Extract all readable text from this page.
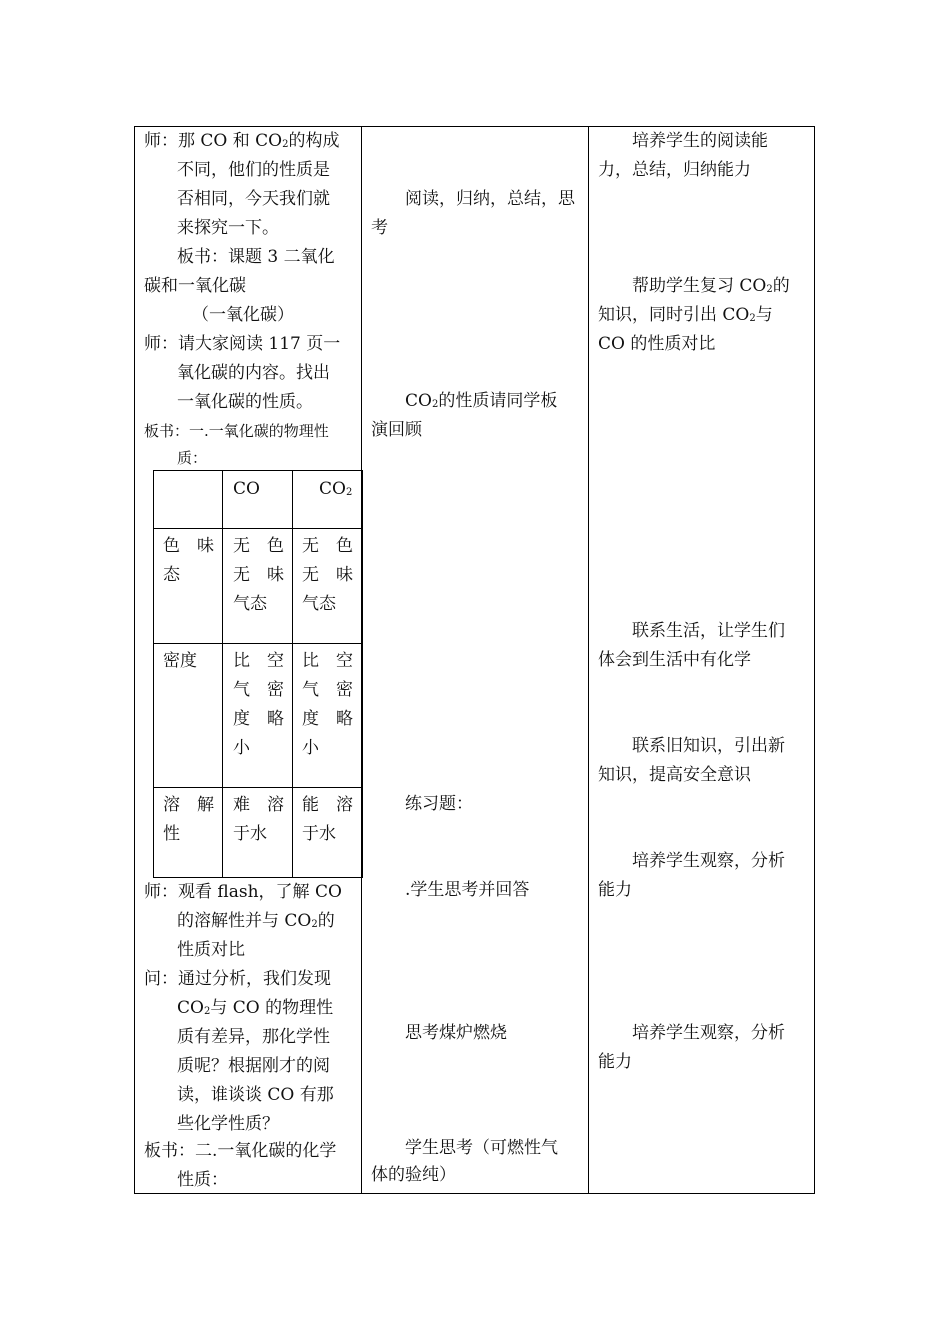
师：那 CO 和 $CO_2$的构成

不同，他们的性质是

否相同，今天我们就

来探究一下。

板书：课题 3 二氧化

碳和一氧化碳

（一氧化碳）

师：请大家阅读 117 页一

氧化碳的内容。找出

一氧化碳的性质。

板书：一.一氧化碳的物理性

质：

CO	$CO_2$
色　味
态
无　色
无　味
气态
无　色
无　味
气态
密度 比　空
气　密
度　略
小
比　空
气　密
度　略
小
溶　解
性
难　溶
于水
能　溶
于水

师：观看 flash，了解 CO

的溶解性并与 $CO_2$的

性质对比

问：通过分析，我们发现

$CO_2$与 CO 的物理性

质有差异，那化学性

质呢？根据刚才的阅

读，谁谈谈 CO 有那

些化学性质？

板书：二.一氧化碳的化学

性质：

阅读，归纳，总结，思

考

$CO_2$的性质请同学板

演回顾

练习题：

.学生思考并回答

思考煤炉燃烧

学生思考（可燃性气

体的验纯）

培养学生的阅读能

力，总结，归纳能力

帮助学生复习 $CO_2$的

知识，同时引出 $CO_2$与

CO 的性质对比

联系生活，让学生们

体会到生活中有化学

联系旧知识，引出新

知识，提高安全意识

培养学生观察，分析

能力

培养学生观察，分析

能力
